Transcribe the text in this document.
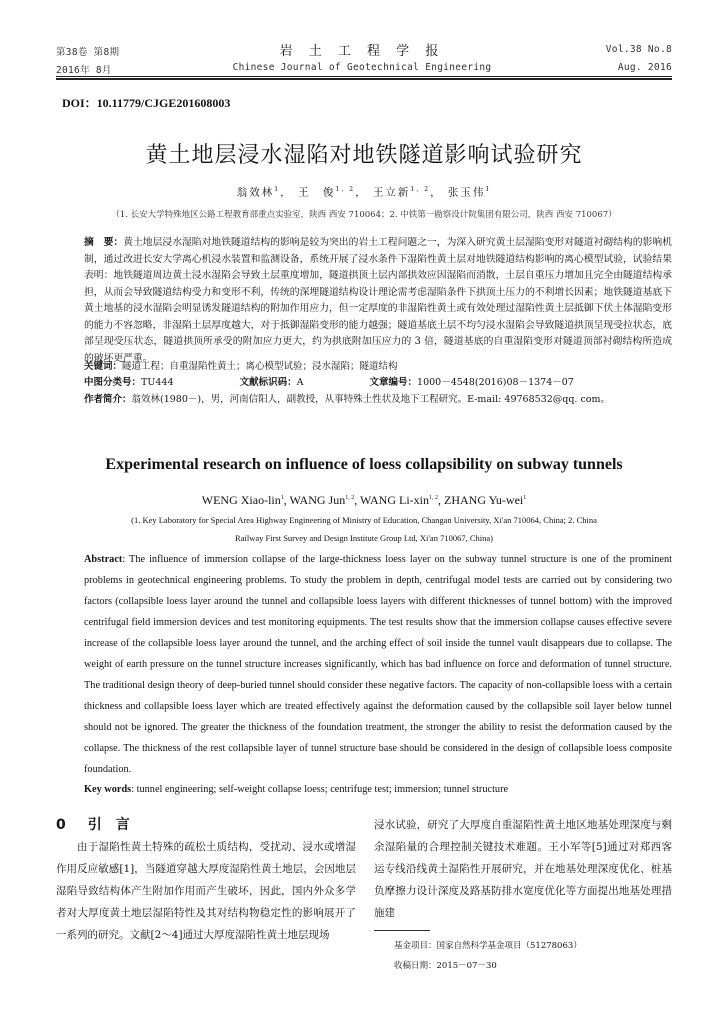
第38卷 第8期
2016年 8月
岩 土 工 程 学 报
Chinese Journal of Geotechnical Engineering
Vol.38 No.8
Aug. 2016
DOI：10.11779/CJGE201608003
黄土地层浸水湿陷对地铁隧道影响试验研究
翁效林$^1$， 王　俊$^{1,2}$， 王立新$^{1,2}$， 张玉伟$^1$
（1. 长安大学特殊地区公路工程教育部重点实验室，陕西 西安 710064；2. 中铁第一勘察设计院集团有限公司，陕西 西安 710067）
摘　要：黄土地层浸水湿陷对地铁隧道结构的影响是较为突出的岩土工程问题之一，为深入研究黄土层湿陷变形对隧道衬砌结构的影响机制，通过改进长安大学离心机浸水装置和监测设备，系统开展了浸水条件下湿陷性黄土层对地铁隧道结构影响的离心模型试验，试验结果表明：地铁隧道周边黄土浸水湿陷会导致土层重度增加，隧道拱顶土层内部拱效应因湿陷而消散，土层自重压力增加且完全由隧道结构承担，从而会导致隧道结构受力和变形不利，传统的深埋隧道结构设计理论需考虑湿陷条件下拱顶土压力的不利增长因素；地铁隧道基底下黄土地基的浸水湿陷会明显诱发隧道结构的附加作用应力，但一定厚度的非湿陷性黄土或有效处理过湿陷性黄土层抵御下伏土体湿陷变形的能力不容忽略，非湿陷土层厚度越大，对于抵御湿陷变形的能力越强；隧道基底土层不均匀浸水湿陷会导致隧道拱顶呈现受拉状态，底部呈现受压状态，隧道拱顶所承受的附加应力更大，约为拱底附加压应力的 3 倍，隧道基底的自重湿陷变形对隧道顶部衬砌结构所造成的破坏更严重。
关键词：隧道工程；自重湿陷性黄土；离心模型试验；浸水湿陷；隧道结构
中图分类号：TU444	文献标识码：A	文章编号：1000－4548(2016)08－1374－07
作者简介：翁效林(1980－)，男，河南信阳人，副教授，从事特殊土性状及地下工程研究。E-mail: 49768532@qq. com。
Experimental research on influence of loess collapsibility on subway tunnels
WENG Xiao-lin$^1$, WANG Jun$^{1, 2}$, WANG Li-xin$^{1, 2}$, ZHANG Yu-wei$^1$
(1. Key Laboratory for Special Area Highway Engineering of Ministry of Education, Changan University, Xi'an 710064, China; 2. China
Railway First Survey and Design Institute Group Ltd, Xi'an 710067, China)
Abstract: The influence of immersion collapse of the large-thickness loess layer on the subway tunnel structure is one of the prominent problems in geotechnical engineering problems. To study the problem in depth, centrifugal model tests are carried out by considering two factors (collapsible loess layer around the tunnel and collapsible loess layers with different thicknesses of tunnel bottom) with the improved centrifugal field immersion devices and test monitoring equipments. The test results show that the immersion collapse causes effective severe increase of the collapsible loess layer around the tunnel, and the arching effect of soil inside the tunnel vault disappears due to collapse. The weight of earth pressure on the tunnel structure increases significantly, which has bad influence on force and deformation of tunnel structure. The traditional design theory of deep-buried tunnel should consider these negative factors. The capacity of non-collapsible loess with a certain thickness and collapsible loess layer which are treated effectively against the deformation caused by the collapsible soil layer below tunnel should not be ignored. The greater the thickness of the foundation treatment, the stronger the ability to resist the deformation caused by the collapse. The thickness of the rest collapsible layer of tunnel structure base should be considered in the design of collapsible loess composite foundation.
Key words: tunnel engineering; self-weight collapse loess; centrifuge test; immersion; tunnel structure
0 引　言
由于湿陷性黄土特殊的疏松土质结构，受扰动、浸水或增湿作用反应敏感[1]，当隧道穿越大厚度湿陷性黄土地层，会因地层湿陷导致结构体产生附加作用而产生破坏，因此，国内外众多学者对大厚度黄土地层湿陷特性及其对结构物稳定性的影响展开了一系列的研究。文献[2～4]通过大厚度湿陷性黄土地层现场
浸水试验，研究了大厚度自重湿陷性黄土地区地基处理深度与剩余湿陷量的合理控制关键技术难题。王小军等[5]通过对郑西客运专线沿线黄土湿陷性开展研究，并在地基处理深度优化、桩基负摩擦力设计深度及路基防排水宽度优化等方面提出地基处理措施建
基金项目：国家自然科学基金项目（51278063）
收稿日期：2015－07－30
